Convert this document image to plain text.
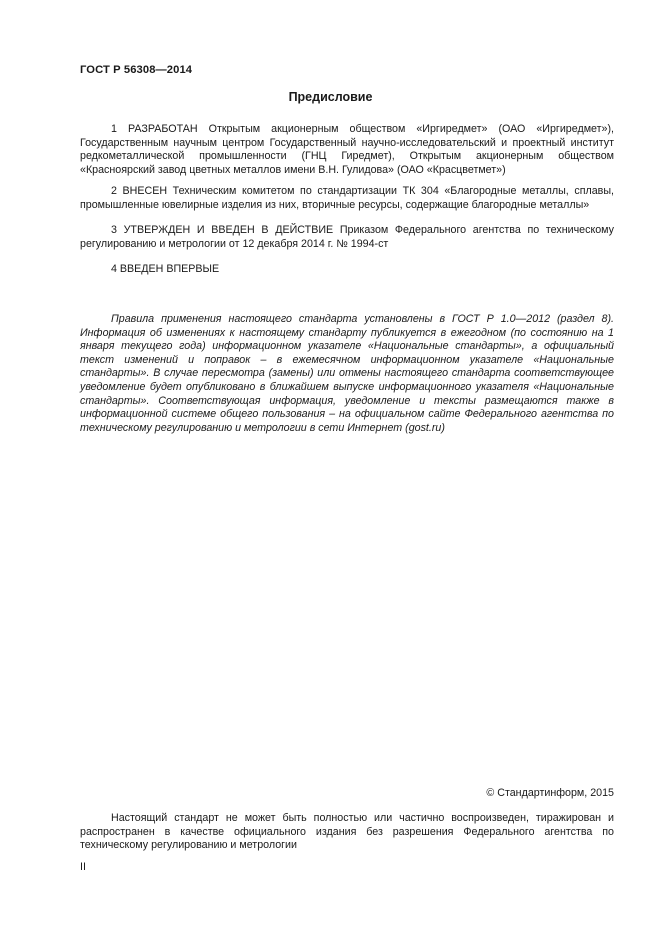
ГОСТ Р 56308—2014
Предисловие
1 РАЗРАБОТАН Открытым акционерным обществом «Иргиредмет» (ОАО «Иргиредмет»), Государственным научным центром Государственный научно-исследовательский и проектный институт редкометаллической промышленности (ГНЦ Гиредмет), Открытым акционерным обществом «Красноярский завод цветных металлов имени В.Н. Гулидова» (ОАО «Красцветмет»)
2 ВНЕСЕН Техническим комитетом по стандартизации ТК 304 «Благородные металлы, сплавы, промышленные ювелирные изделия из них, вторичные ресурсы, содержащие благородные металлы»
3 УТВЕРЖДЕН И ВВЕДЕН В ДЕЙСТВИЕ Приказом Федерального агентства по техническому регулированию и метрологии от 12 декабря 2014 г. № 1994-ст
4 ВВЕДЕН ВПЕРВЫЕ
Правила применения настоящего стандарта установлены в ГОСТ Р 1.0—2012 (раздел 8). Информация об изменениях к настоящему стандарту публикуется в ежегодном (по состоянию на 1 января текущего года) информационном указателе «Национальные стандарты», а официальный текст изменений и поправок – в ежемесячном информационном указателе «Национальные стандарты». В случае пересмотра (замены) или отмены настоящего стандарта соответствующее уведомление будет опубликовано в ближайшем выпуске информационного указателя «Национальные стандарты». Соответствующая информация, уведомление и тексты размещаются также в информационной системе общего пользования – на официальном сайте Федерального агентства по техническому регулированию и метрологии в сети Интернет (gost.ru)
© Стандартинформ, 2015
Настоящий стандарт не может быть полностью или частично воспроизведен, тиражирован и распространен в качестве официального издания без разрешения Федерального агентства по техническому регулированию и метрологии
II
